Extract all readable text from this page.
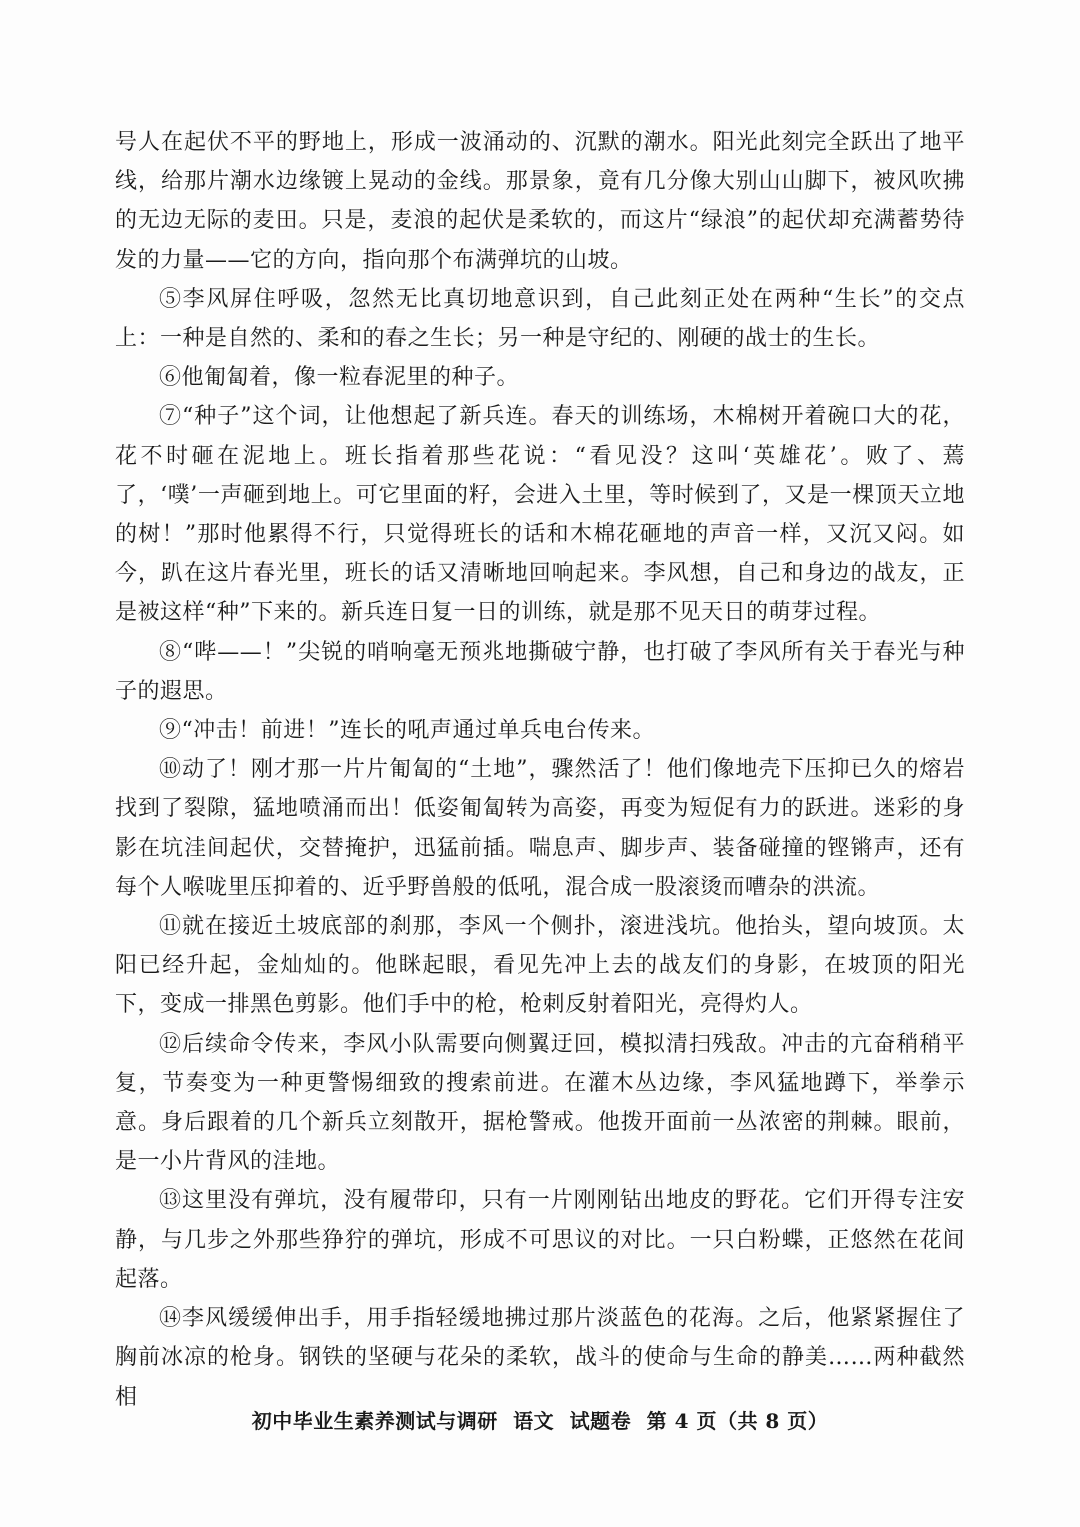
号人在起伏不平的野地上，形成一波涌动的、沉默的潮水。阳光此刻完全跃出了地平线，给那片潮水边缘镀上晃动的金线。那景象，竟有几分像大别山山脚下，被风吹拂的无边无际的麦田。只是，麦浪的起伏是柔软的，而这片“绿浪”的起伏却充满蓄势待发的力量——它的方向，指向那个布满弹坑的山坡。

⑤李风屏住呼吸，忽然无比真切地意识到，自己此刻正处在两种“生长”的交点上：一种是自然的、柔和的春之生长；另一种是守纪的、刚硬的战士的生长。

⑥他匍匐着，像一粒春泥里的种子。

⑦“种子”这个词，让他想起了新兵连。春天的训练场，木棉树开着碗口大的花，花不时砸在泥地上。班长指着那些花说：“看见没？这叫‘英雄花’。败了、蔫了，‘噗’一声砸到地上。可它里面的籽，会进入土里，等时候到了，又是一棵顶天立地的树！”那时他累得不行，只觉得班长的话和木棉花砸地的声音一样，又沉又闷。如今，趴在这片春光里，班长的话又清晰地回响起来。李风想，自己和身边的战友，正是被这样“种”下来的。新兵连日复一日的训练，就是那不见天日的萌芽过程。

⑧“哔——！”尖锐的哨响毫无预兆地撕破宁静，也打破了李风所有关于春光与种子的遐思。

⑨“冲击！前进！”连长的吼声通过单兵电台传来。

⑩动了！刚才那一片片匍匐的“土地”，骤然活了！他们像地壳下压抑已久的熔岩找到了裂隙，猛地喷涌而出！低姿匍匐转为高姿，再变为短促有力的跃进。迷彩的身影在坑洼间起伏，交替掩护，迅猛前插。喘息声、脚步声、装备碰撞的铿锵声，还有每个人喉咙里压抑着的、近乎野兽般的低吼，混合成一股滚烫而嘈杂的洪流。

⑪就在接近土坡底部的刹那，李风一个侧扑，滚进浅坑。他抬头，望向坡顶。太阳已经升起，金灿灿的。他眯起眼，看见先冲上去的战友们的身影，在坡顶的阳光下，变成一排黑色剪影。他们手中的枪，枪刺反射着阳光，亮得灼人。

⑫后续命令传来，李风小队需要向侧翼迂回，模拟清扫残敌。冲击的亢奋稍稍平复，节奏变为一种更警惕细致的搜索前进。在灌木丛边缘，李风猛地蹲下，举拳示意。身后跟着的几个新兵立刻散开，据枪警戒。他拨开面前一丛浓密的荆棘。眼前，是一小片背风的洼地。

⑬这里没有弹坑，没有履带印，只有一片刚刚钻出地皮的野花。它们开得专注安静，与几步之外那些狰狞的弹坑，形成不可思议的对比。一只白粉蝶，正悠然在花间起落。

⑭李风缓缓伸出手，用手指轻缓地拂过那片淡蓝色的花海。之后，他紧紧握住了胸前冰凉的枪身。钢铁的坚硬与花朵的柔软，战斗的使命与生命的静美……两种截然相

初中毕业生素养测试与调研 语文 试题卷 第 4 页（共 8 页）
